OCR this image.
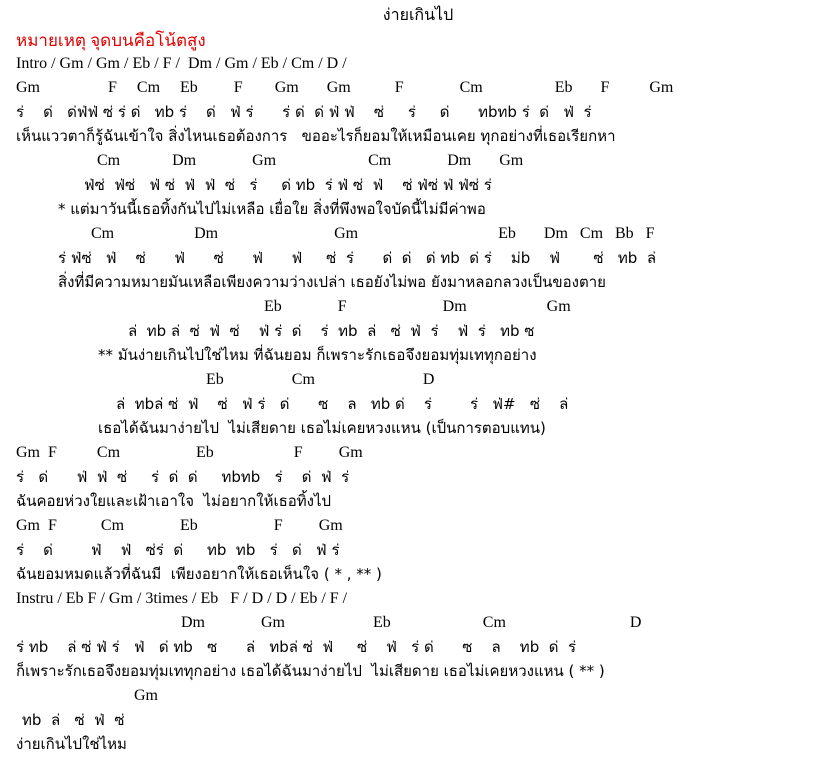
ง่ายเกินไป
หมายเหตุ จุดบนคือโน้ตสูง
Intro / Gm / Gm / Eb / F /  Dm / Gm / Eb / Cm / D /
Gm                 F     Cm     Eb         F        Gm       Gm           F              Cm                  Eb       F          Gm
ร่    ด่   ด่ฟ่ฟ่ ซ่ ร่ ด่   ทb ร่    ด่   ฟ่ ร่      ร่ ด่  ด่ ฟ่ ฟ่    ซ่     ร่     ด่      ทbทb ร่  ด่   ฟ่  ร่
เห็นแววตาก็รู้ฉันเข้าใจ สิ่งไหนเธอต้องการ   ขออะไรก็ยอมให้เหมือนเคย ทุกอย่างที่เธอเรียกหา
Cm             Dm              Gm                       Cm              Dm       Gm
ฟ่ซ่  ฟ่ซ่   ฟ่ ซ่  ฟ่  ฟ่  ซ่   ร่     ด่ ทb  ร่ ฟ่ ซ่  ฟ่    ซ่ ฟ่ซ่ ฟ่ ฟ่ซ่ ร่
* แต่มาวันนี้เธอทิ้งกันไปไม่เหลือ เยื่อใย สิ่งที่พึงพอใจบัดนี้ไม่มีค่าพอ
Cm                    Dm                             Gm                                   Eb       Dm   Cm   Bb   F
ร่ ฟ่ซ่   ฟ่    ซ่      ฟ่      ซ่      ฟ่      ฟ่     ซ่  ร่      ด่  ด่   ด่ ทb  ด่ ร่    ม่b    ฟ่       ซ่   ทb  ล่
สิ่งที่มีความหมายมันเหลือเพียงความว่างเปล่า เธอยังไม่พอ ยังมาหลอกลวงเป็นของตาย
Eb              F                        Dm                    Gm
ล่  ทb ล่  ซ่  ฟ่  ซ่    ฟ่ ร่  ด่    ร่  ทb  ล่   ซ่  ฟ่  ร่    ฟ่  ร่   ทb ซ
** มันง่ายเกินไปใช่ไหม ที่ฉันยอม ก็เพราะรักเธอจึงยอมทุ่มเททุกอย่าง
Eb                 Cm                           D
ล่  ทbล่ ซ่  ฟ่    ซ่   ฟ่ ร่   ด่      ซ    ล   ทb ด่    ร่        ร่   ฟ่#   ซ่    ล่
เธอได้ฉันมาง่ายไป  ไม่เสียดาย เธอไม่เคยหวงแหน (เป็นการตอบแทน)
Gm  F          Cm                   Eb                    F         Gm
ร่   ด่      ฟ่  ฟ่  ซ่     ร่  ด่  ด่     ทbทb   ร่    ด่  ฟ่  ร่
ฉันคอยห่วงใยและเฝ้าเอาใจ  ไม่อยากให้เธอทิ้งไป
Gm  F           Cm              Eb                   F         Gm
ร่    ด่        ฟ่    ฟ่   ซ่ร่  ด่     ทb  ทb   ร่   ด่   ฟ่ ร่
ฉันยอมหมดแล้วที่ฉันมี  เพียงอยากให้เธอเห็นใจ ( * , ** )
Instru / Eb F / Gm / 3times / Eb   F / D / D / Eb / F /
Dm              Gm                      Eb                       Cm                               D
ร่ ทb    ล่ ซ่ ฟ่ ร่   ฟ่   ด่ ทb   ซ      ล่   ทbล่ ซ่  ฟ่     ซ่    ฟ่   ร่ ด่      ซ    ล    ทb  ด่  ร่
ก็เพราะรักเธอจึงยอมทุ่มเททุกอย่าง เธอได้ฉันมาง่ายไป  ไม่เสียดาย เธอไม่เคยหวงแหน ( ** )
Gm
ทb  ล่   ซ่  ฟ่  ซ่
ง่ายเกินไปใช่ไหม
